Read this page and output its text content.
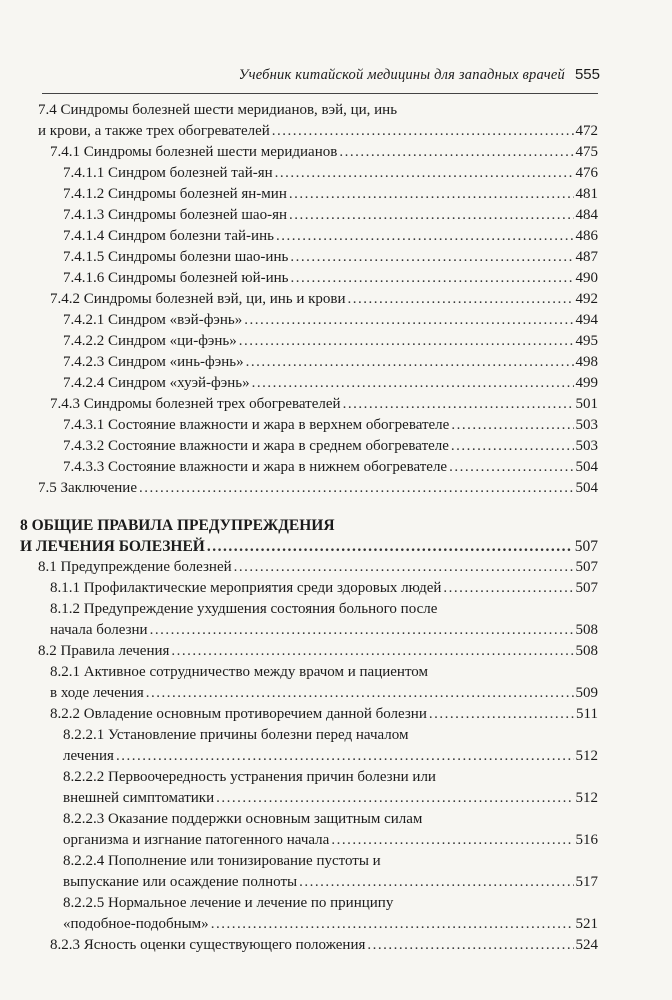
Учебник китайской медицины для западных врачей 555
7.4 Синдромы болезней шести меридианов, вэй, ци, инь
и крови, а также трех обогревателей .....	472
7.4.1 Синдромы болезней шести меридианов .....	475
7.4.1.1 Синдром болезней тай-ян .....	476
7.4.1.2 Синдромы болезней ян-мин .....	481
7.4.1.3 Синдромы болезней шао-ян .....	484
7.4.1.4 Синдром болезни тай-инь .....	486
7.4.1.5 Синдромы болезни шао-инь .....	487
7.4.1.6 Синдромы болезней юй-инь .....	490
7.4.2 Синдромы болезней вэй, ци, инь и крови .....	492
7.4.2.1 Синдром «вэй-фэнь» .....	494
7.4.2.2 Синдром «ци-фэнь» .....	495
7.4.2.3 Синдром «инь-фэнь» .....	498
7.4.2.4 Синдром «хуэй-фэнь» .....	499
7.4.3 Синдромы болезней трех обогревателей .....	501
7.4.3.1 Состояние влажности и жара в верхнем обогревателе .....	503
7.4.3.2 Состояние влажности и жара в среднем обогревателе .....	503
7.4.3.3 Состояние влажности и жара в нижнем обогревателе .....	504
7.5 Заключение .....	504
8 ОБЩИЕ ПРАВИЛА ПРЕДУПРЕЖДЕНИЯ
И ЛЕЧЕНИЯ БОЛЕЗНЕЙ .....	507
8.1 Предупреждение болезней .....	507
8.1.1 Профилактические мероприятия среди здоровых людей .....	507
8.1.2 Предупреждение ухудшения состояния больного после
начала болезни .....	508
8.2 Правила лечения .....	508
8.2.1 Активное сотрудничество между врачом и пациентом
в ходе лечения .....	509
8.2.2 Овладение основным противоречием данной болезни .....	511
8.2.2.1 Установление причины болезни перед началом
лечения .....	512
8.2.2.2 Первоочередность устранения причин болезни или
внешней симптоматики .....	512
8.2.2.3 Оказание поддержки основным защитным силам
организма и изгнание патогенного начала .....	516
8.2.2.4 Пополнение или тонизирование пустоты и
выпускание или осаждение полноты .....	517
8.2.2.5 Нормальное лечение и лечение по принципу
«подобное-подобным» .....	521
8.2.3 Ясность оценки существующего положения .....	524
